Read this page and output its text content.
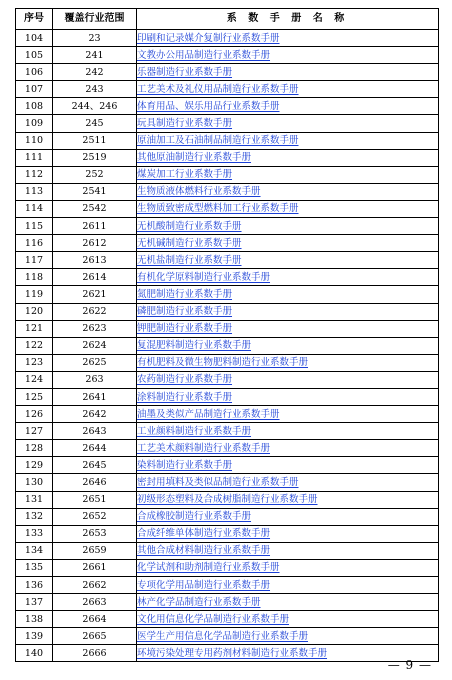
序号	覆盖行业范围	系 数 手 册 名 称
104	23	印刷和记录媒介复制行业系数手册
105	241	文教办公用品制造行业系数手册
106	242	乐器制造行业系数手册
107	243	工艺美术及礼仪用品制造行业系数手册
108	244、246	体育用品、娱乐用品行业系数手册
109	245	玩具制造行业系数手册
110	2511	原油加工及石油制品制造行业系数手册
111	2519	其他原油制造行业系数手册
112	252	煤炭加工行业系数手册
113	2541	生物质液体燃料行业系数手册
114	2542	生物质致密成型燃料加工行业系数手册
115	2611	无机酸制造行业系数手册
116	2612	无机碱制造行业系数手册
117	2613	无机盐制造行业系数手册
118	2614	有机化学原料制造行业系数手册
119	2621	氮肥制造行业系数手册
120	2622	磷肥制造行业系数手册
121	2623	钾肥制造行业系数手册
122	2624	复混肥料制造行业系数手册
123	2625	有机肥料及微生物肥料制造行业系数手册
124	263	农药制造行业系数手册
125	2641	涂料制造行业系数手册
126	2642	油墨及类似产品制造行业系数手册
127	2643	工业颜料制造行业系数手册
128	2644	工艺美术颜料制造行业系数手册
129	2645	染料制造行业系数手册
130	2646	密封用填料及类似品制造行业系数手册
131	2651	初级形态塑料及合成树脂制造行业系数手册
132	2652	合成橡胶制造行业系数手册
133	2653	合成纤维单体制造行业系数手册
134	2659	其他合成材料制造行业系数手册
135	2661	化学试剂和助剂制造行业系数手册
136	2662	专项化学用品制造行业系数手册
137	2663	林产化学品制造行业系数手册
138	2664	文化用信息化学品制造行业系数手册
139	2665	医学生产用信息化学品制造行业系数手册
140	2666	环境污染处理专用药剂材料制造行业系数手册
— 9 —
